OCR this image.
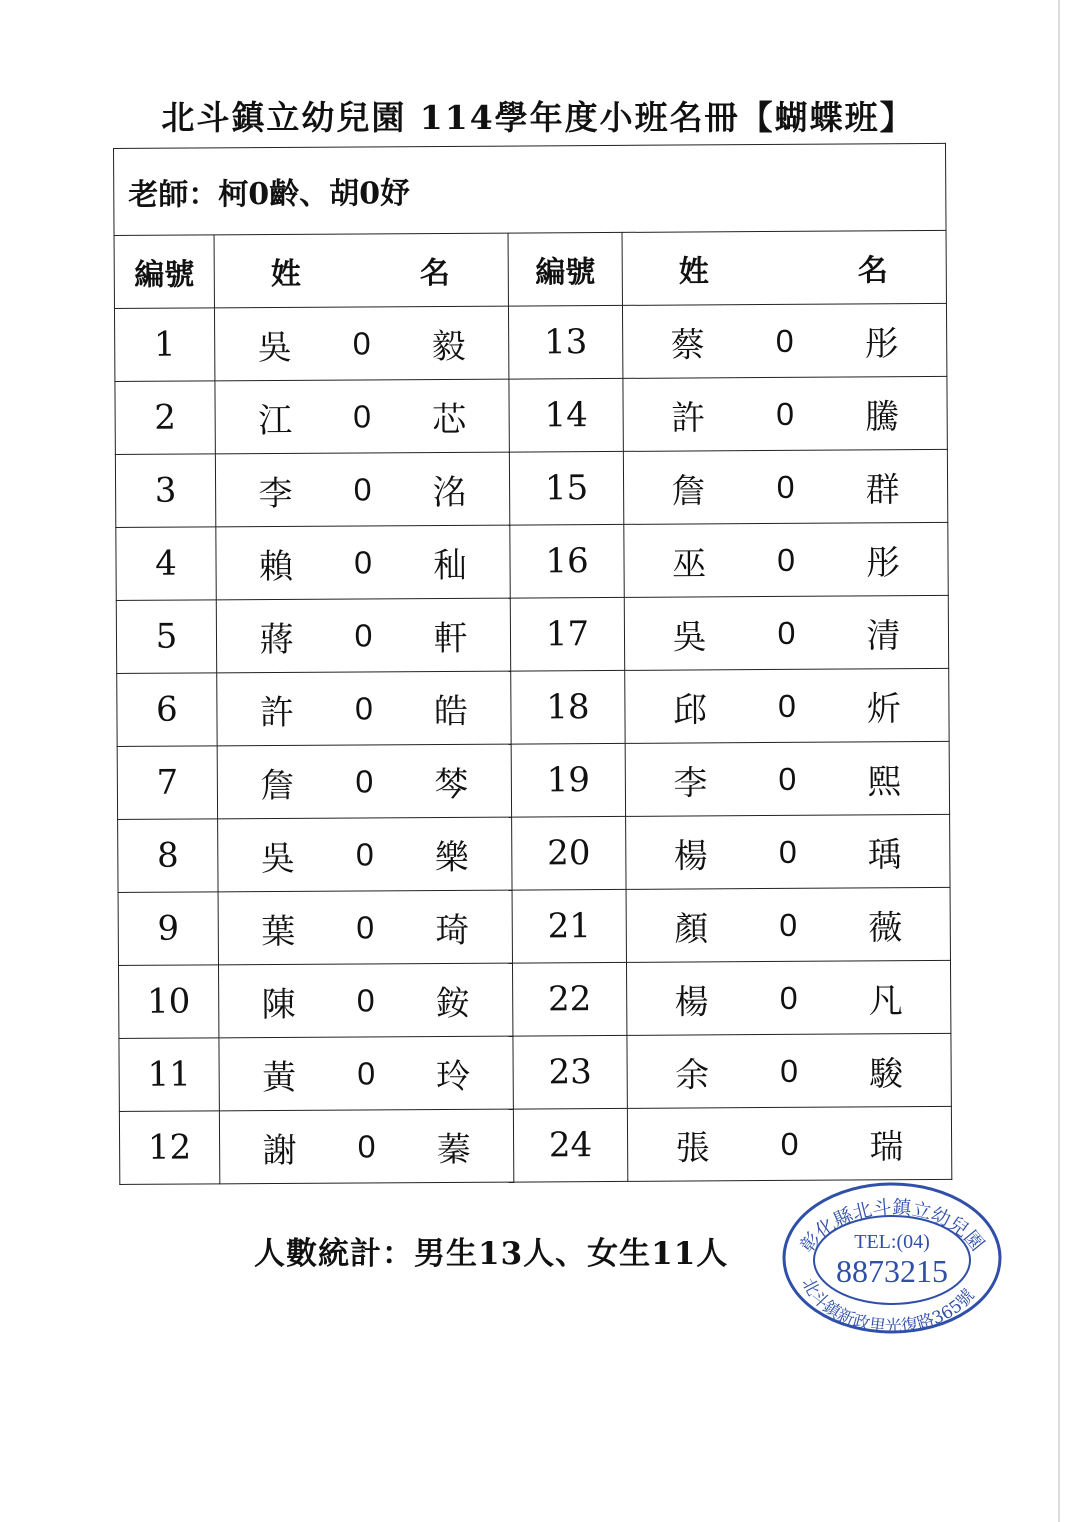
北斗鎮立幼兒園 114學年度小班名冊【蝴蝶班】
老師：柯0齡、胡0妤			
編號	姓 名	編號	姓 名

1	吳 0 毅	13	蔡 0 彤

2	江 0 芯	14	許 0 騰

3	李 0 洺	15	詹 0 群

4	賴 0 秈	16	巫 0 彤

5	蔣 0 軒	17	吳 0 清

6	許 0 皓	18	邱 0 炘

7	詹 0 棽	19	李 0 熙

8	吳 0 樂	20	楊 0 瑀

9	葉 0 琦	21	顏 0 薇

10	陳 0 銨	22	楊 0 凡

11	黃 0 玲	23	余 0 駿

12	謝 0 蓁	24	張 0 瑞
人數統計：男生13人、女生11人	彰化縣北斗鎮立幼兒園
TEL:(04)
8873215
北斗鎮新政里光復路365號
